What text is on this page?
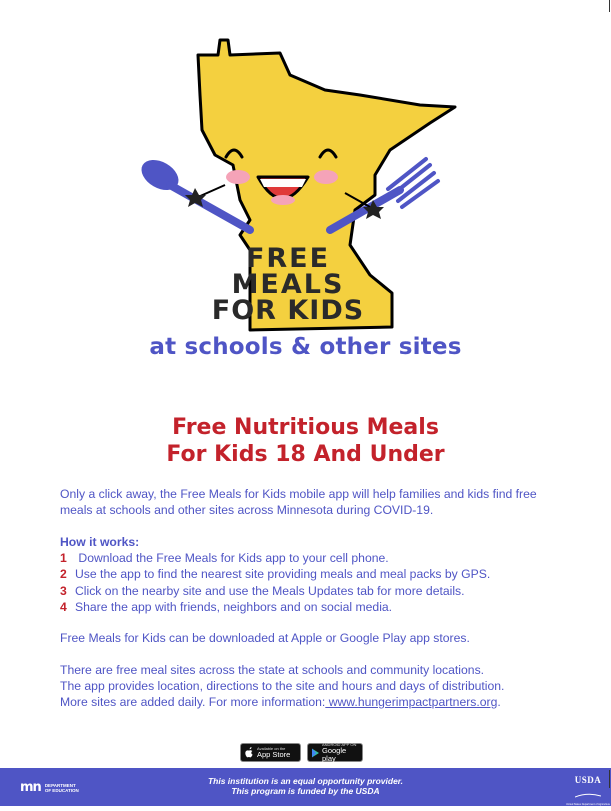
FREE
MEALS
FOR KIDS
at schools & other sites
Free Nutritious Meals
For Kids 18 And Under
Only a click away, the Free Meals for Kids mobile app will help families and kids find free meals at schools and other sites across Minnesota during COVID-19.
How it works:
1 Download the Free Meals for Kids app to your cell phone.
2 Use the app to find the nearest site providing meals and meal packs by GPS.
3 Click on the nearby site and use the Meals Updates tab for more details.
4 Share the app with friends, neighbors and on social media.
Free Meals for Kids can be downloaded at Apple or Google Play app stores.
There are free meal sites across the state at schools and community locations.
The app provides location, directions to the site and hours and days of distribution.
More sites are added daily. For more information: www.hungerimpactpartners.org.
Available on the
App Store
ANDROID APP ON
Google play
mn DEPARTMENT
OF EDUCATION
This institution is an equal opportunity provider.
This program is funded by the USDA
USDA
United States Department of Agriculture
